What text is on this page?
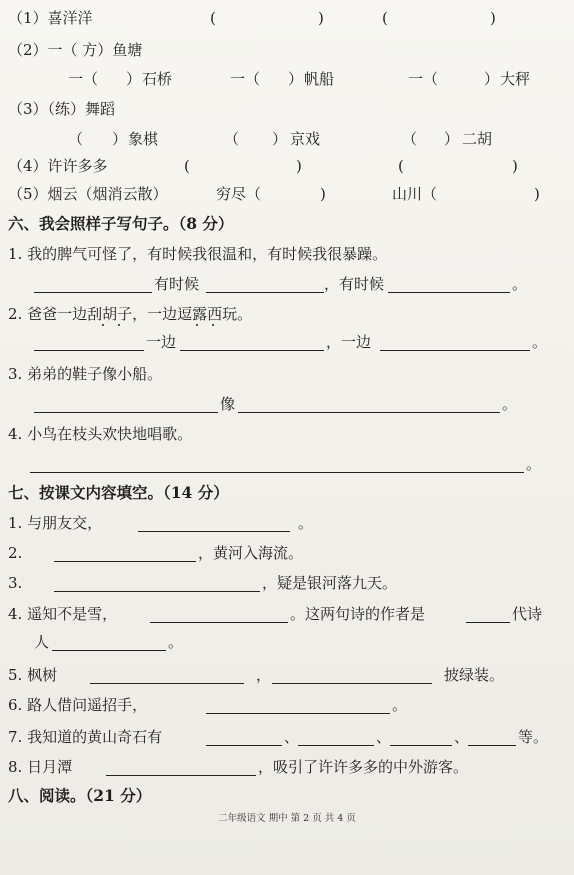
（1）喜洋洋	(	)	(	)
（2）一（ 方）鱼塘
一（ ） 石桥	一（ ） 帆船	一（	） 大秤
（3）（练）舞蹈
（ ） 象棋	（ ） 京戏	（ ） 二胡
（4）许许多多	(	)	(	)
（5）烟云（烟消云散）	穷尽（	)	山川（	)
六、我会照样子写句子。（8 分）
1. 我的脾气可怪了，有时候我很温和，有时候我很暴躁。
有时候	，有时候	。
2. 爸爸一边刮胡子，一边逗露西玩。
一边	，一边	。
3. 弟弟的鞋子像小船。
像	。
4. 小鸟在枝头欢快地唱歌。
。
七、按课文内容填空。（14 分）
1. 与朋友交，	。
2.	，黄河入海流。
3.	，疑是银河落九天。
4. 遥知不是雪，	。这两句诗的作者是	代诗
人	。
5. 枫树	，	披绿装。
6. 路人借问遥招手，	。
7. 我知道的黄山奇石有	、	、	、	等。
8. 日月潭	，吸引了许许多多的中外游客。
八、阅读。（21 分）
二年级语文 期中 第 2 页 共 4 页
